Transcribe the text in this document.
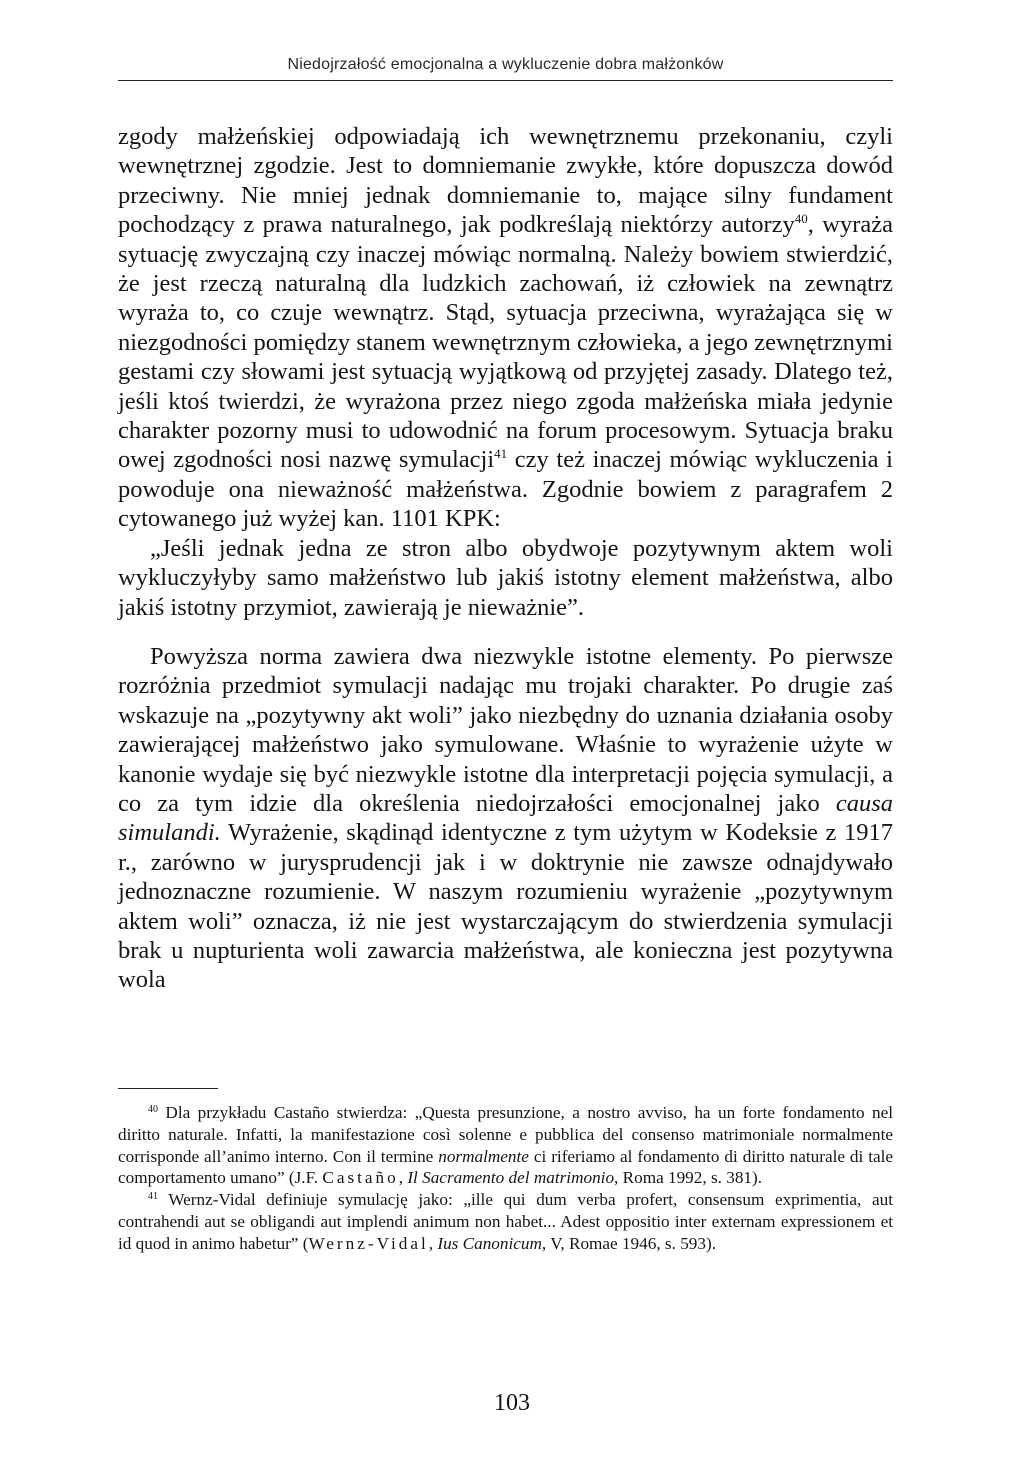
Niedojrzałość emocjonalna a wykluczenie dobra małżonków

zgody małżeńskiej odpowiadają ich wewnętrznemu przekonaniu, czyli wewnętrznej zgodzie. Jest to domniemanie zwykłe, które dopuszcza dowód przeciwny. Nie mniej jednak domniemanie to, mające silny fundament pochodzący z prawa naturalnego, jak podkreślają niektórzy autorzy$^{40}$, wyraża sytuację zwyczajną czy inaczej mówiąc normalną. Należy bowiem stwierdzić, że jest rzeczą naturalną dla ludzkich zachowań, iż człowiek na zewnątrz wyraża to, co czuje wewnątrz. Stąd, sytuacja przeciwna, wyrażająca się w niezgodności pomiędzy stanem wewnętrznym człowieka, a jego zewnętrznymi gestami czy słowami jest sytuacją wyjątkową od przyjętej zasady. Dlatego też, jeśli ktoś twierdzi, że wyrażona przez niego zgoda małżeńska miała jedynie charakter pozorny musi to udowodnić na forum procesowym. Sytuacja braku owej zgodności nosi nazwę symulacji$^{41}$ czy też inaczej mówiąc wykluczenia i powoduje ona nieważność małżeństwa. Zgodnie bowiem z paragrafem 2 cytowanego już wyżej kan. 1101 KPK:

„Jeśli jednak jedna ze stron albo obydwoje pozytywnym aktem woli wykluczyłyby samo małżeństwo lub jakiś istotny element małżeństwa, albo jakiś istotny przymiot, zawierają je nieważnie”.

Powyższa norma zawiera dwa niezwykle istotne elementy. Po pierwsze rozróżnia przedmiot symulacji nadając mu trojaki charakter. Po drugie zaś wskazuje na „pozytywny akt woli” jako niezbędny do uznania działania osoby zawierającej małżeństwo jako symulowane. Właśnie to wyrażenie użyte w kanonie wydaje się być niezwykle istotne dla interpretacji pojęcia symulacji, a co za tym idzie dla określenia niedojrzałości emocjonalnej jako causa simulandi. Wyrażenie, skądinąd identyczne z tym użytym w Kodeksie z 1917 r., zarówno w jurysprudencji jak i w doktrynie nie zawsze odnajdywało jednoznaczne rozumienie. W naszym rozumieniu wyrażenie „pozytywnym aktem woli” oznacza, iż nie jest wystarczającym do stwierdzenia symulacji brak u nupturienta woli zawarcia małżeństwa, ale konieczna jest pozytywna wola

$^{40}$ Dla przykładu Castaño stwierdza: „Questa presunzione, a nostro avviso, ha un forte fondamento nel diritto naturale. Infatti, la manifestazione così solenne e pubblica del consenso matrimoniale normalmente corrisponde all’animo interno. Con il termine normalmente ci riferiamo al fondamento di diritto naturale di tale comportamento umano” (J.F. Castaño, Il Sacramento del matrimonio, Roma 1992, s. 381).

$^{41}$ Wernz-Vidal definiuje symulację jako: „ille qui dum verba profert, consensum exprimentia, aut contrahendi aut se obligandi aut implendi animum non habet... Adest oppositio inter externam expressionem et id quod in animo habetur” (Wernz-Vidal, Ius Canonicum, V, Romae 1946, s. 593).

103
